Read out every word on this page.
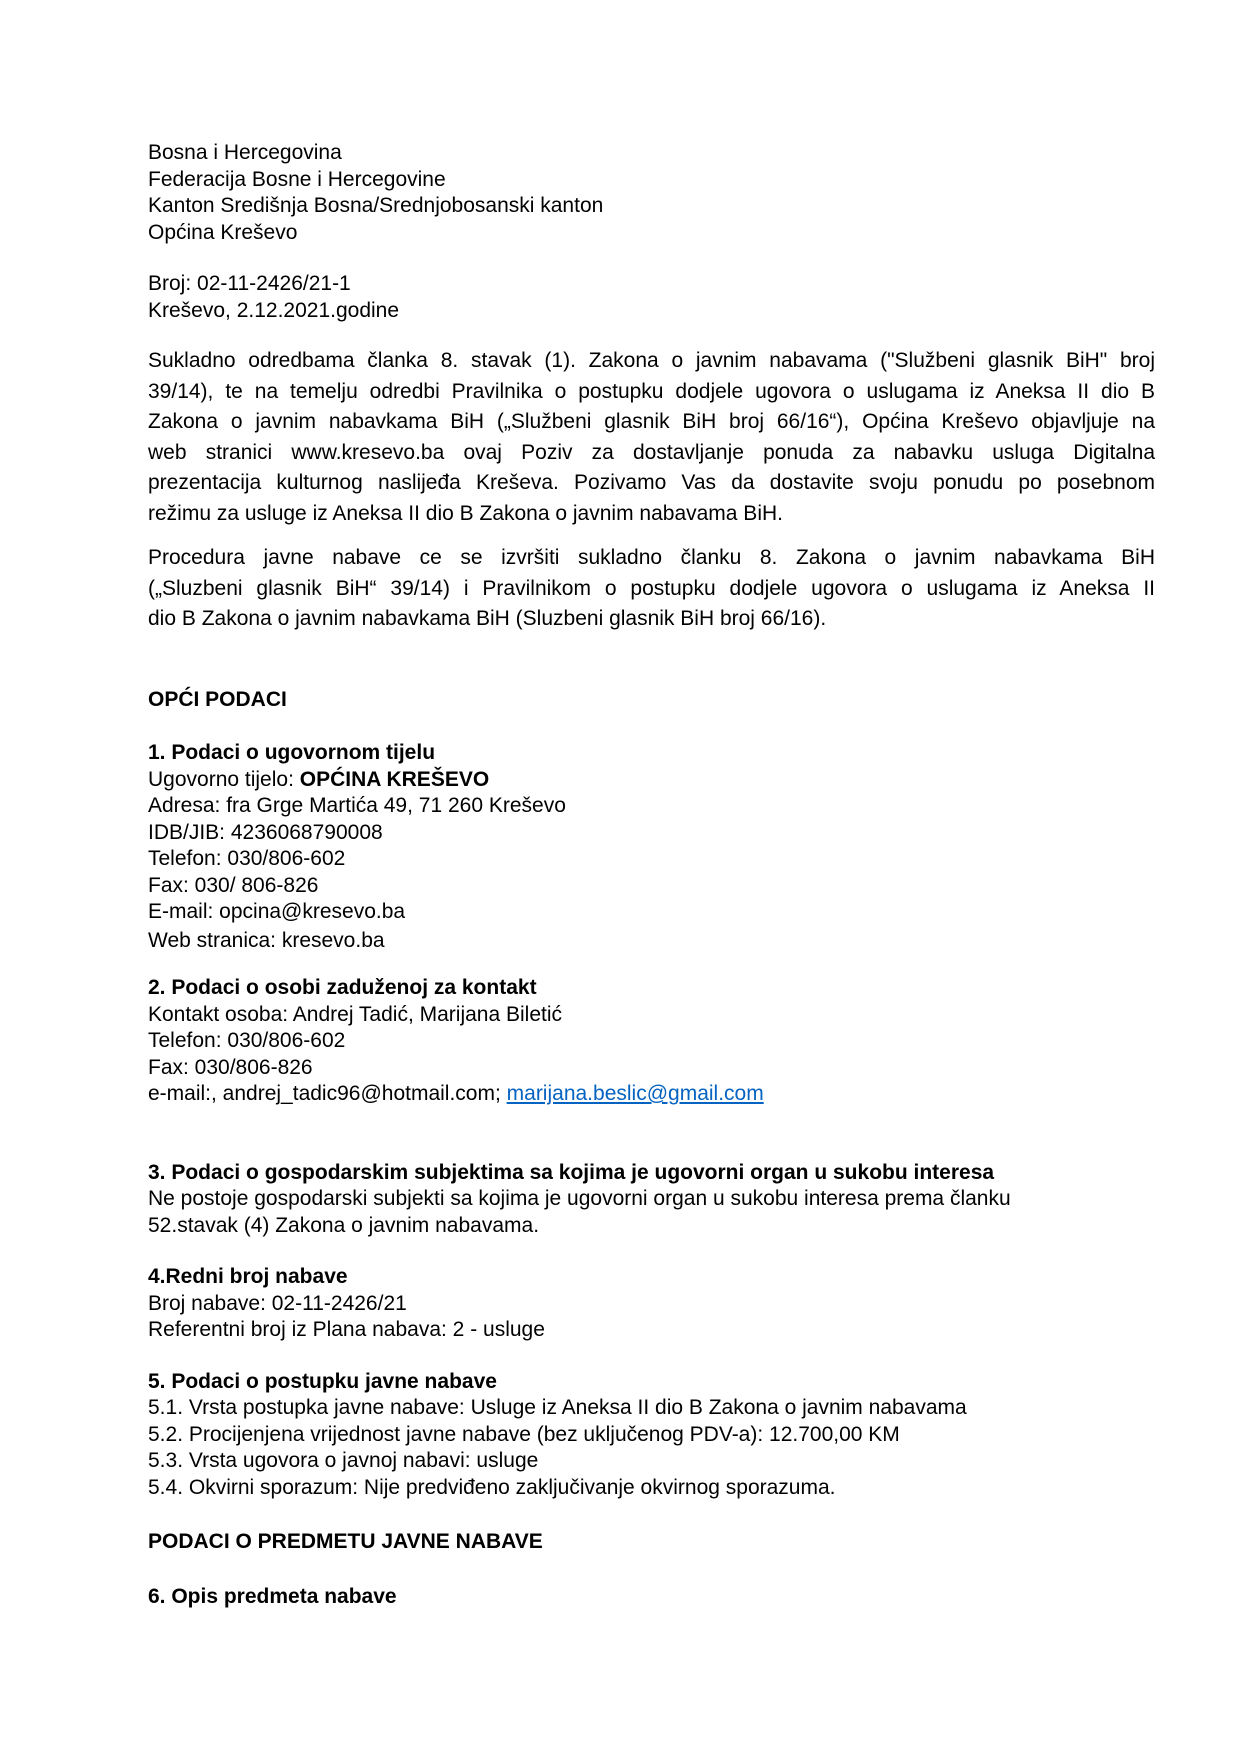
Bosna i Hercegovina
Federacija Bosne i Hercegovine
Kanton Središnja Bosna/Srednjobosanski kanton
Općina Kreševo
Broj: 02-11-2426/21-1
Kreševo, 2.12.2021.godine
Sukladno odredbama članka 8. stavak (1). Zakona o javnim nabavama ("Službeni glasnik BiH" broj
39/14), te na temelju odredbi Pravilnika o postupku dodjele ugovora o uslugama iz Aneksa II dio B
Zakona o javnim nabavkama BiH („Službeni glasnik BiH broj 66/16“), Općina Kreševo objavljuje na
web stranici www.kresevo.ba ovaj Poziv za dostavljanje ponuda za nabavku usluga Digitalna
prezentacija kulturnog naslijeđa Kreševa. Pozivamo Vas da dostavite svoju ponudu po posebnom
režimu za usluge iz Aneksa II dio B Zakona o javnim nabavama BiH.
Procedura javne nabave ce se izvršiti sukladno članku 8. Zakona o javnim nabavkama BiH
(„Sluzbeni glasnik BiH“ 39/14) i Pravilnikom o postupku dodjele ugovora o uslugama iz Aneksa II
dio B Zakona o javnim nabavkama BiH (Sluzbeni glasnik BiH broj 66/16).
OPĆI PODACI
1. Podaci o ugovornom tijelu
Ugovorno tijelo: OPĆINA KREŠEVO
Adresa: fra Grge Martića 49, 71 260 Kreševo
IDB/JIB: 4236068790008
Telefon: 030/806-602
Fax: 030/ 806-826
E-mail: opcina@kresevo.ba
Web stranica: kresevo.ba
2. Podaci o osobi zaduženoj za kontakt
Kontakt osoba: Andrej Tadić, Marijana Biletić
Telefon: 030/806-602
Fax: 030/806-826
e-mail:, andrej_tadic96@hotmail.com; marijana.beslic@gmail.com
3. Podaci o gospodarskim subjektima sa kojima je ugovorni organ u sukobu interesa
Ne postoje gospodarski subjekti sa kojima je ugovorni organ u sukobu interesa prema članku
52.stavak (4) Zakona o javnim nabavama.
4.Redni broj nabave
Broj nabave: 02-11-2426/21
Referentni broj iz Plana nabava: 2 - usluge
5. Podaci o postupku javne nabave
5.1. Vrsta postupka javne nabave: Usluge iz Aneksa II dio B Zakona o javnim nabavama
5.2. Procijenjena vrijednost javne nabave (bez uključenog PDV-a): 12.700,00 KM
5.3. Vrsta ugovora o javnoj nabavi: usluge
5.4. Okvirni sporazum: Nije predviđeno zaključivanje okvirnog sporazuma.
PODACI O PREDMETU JAVNE NABAVE
6. Opis predmeta nabave
